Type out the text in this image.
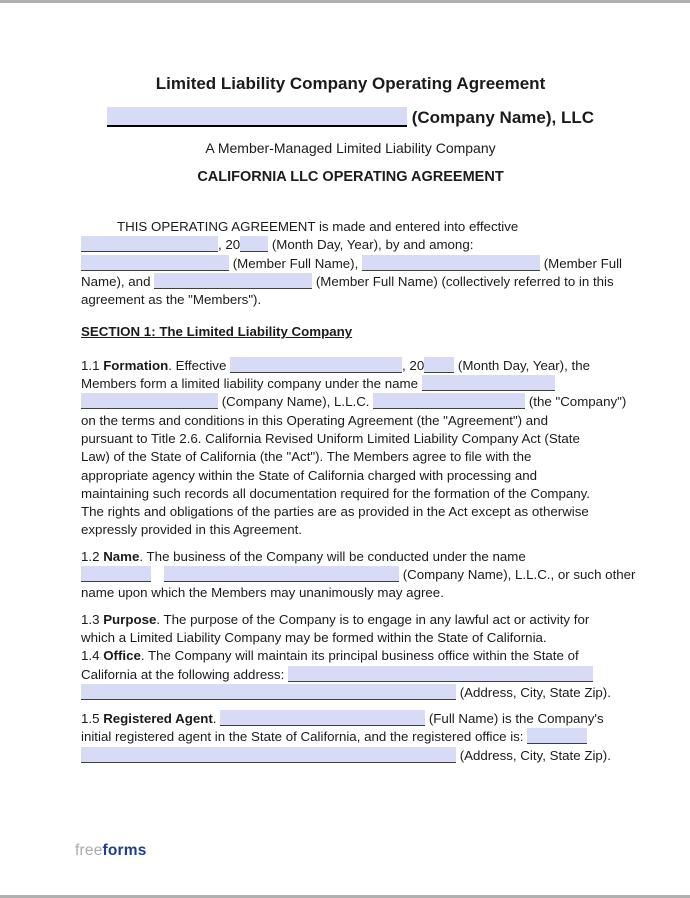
Limited Liability Company Operating Agreement
(Company Name), LLC
A Member-Managed Limited Liability Company
CALIFORNIA LLC OPERATING AGREEMENT
THIS OPERATING AGREEMENT is made and entered into effective
, 20 (Month Day, Year), by and among:
(Member Full Name),	(Member Full
Name), and	(Member Full Name) (collectively referred to in this
agreement as the "Members").
SECTION 1: The Limited Liability Company
1.1 Formation. Effective	, 20 (Month Day, Year), the
Members form a limited liability company under the name
(Company Name), L.L.C.	(the "Company")
on the terms and conditions in this Operating Agreement (the "Agreement") and
pursuant to Title 2.6. California Revised Uniform Limited Liability Company Act (State
Law) of the State of California (the "Act"). The Members agree to file with the
appropriate agency within the State of California charged with processing and
maintaining such records all documentation required for the formation of the Company.
The rights and obligations of the parties are as provided in the Act except as otherwise
expressly provided in this Agreement.
1.2 Name. The business of the Company will be conducted under the name
(Company Name), L.L.C., or such other
name upon which the Members may unanimously may agree.
1.3 Purpose. The purpose of the Company is to engage in any lawful act or activity for
which a Limited Liability Company may be formed within the State of California.
1.4 Office. The Company will maintain its principal business office within the State of
California at the following address:
(Address, City, State Zip).
1.5 Registered Agent.	(Full Name) is the Company's
initial registered agent in the State of California, and the registered office is:
(Address, City, State Zip).
freeforms
